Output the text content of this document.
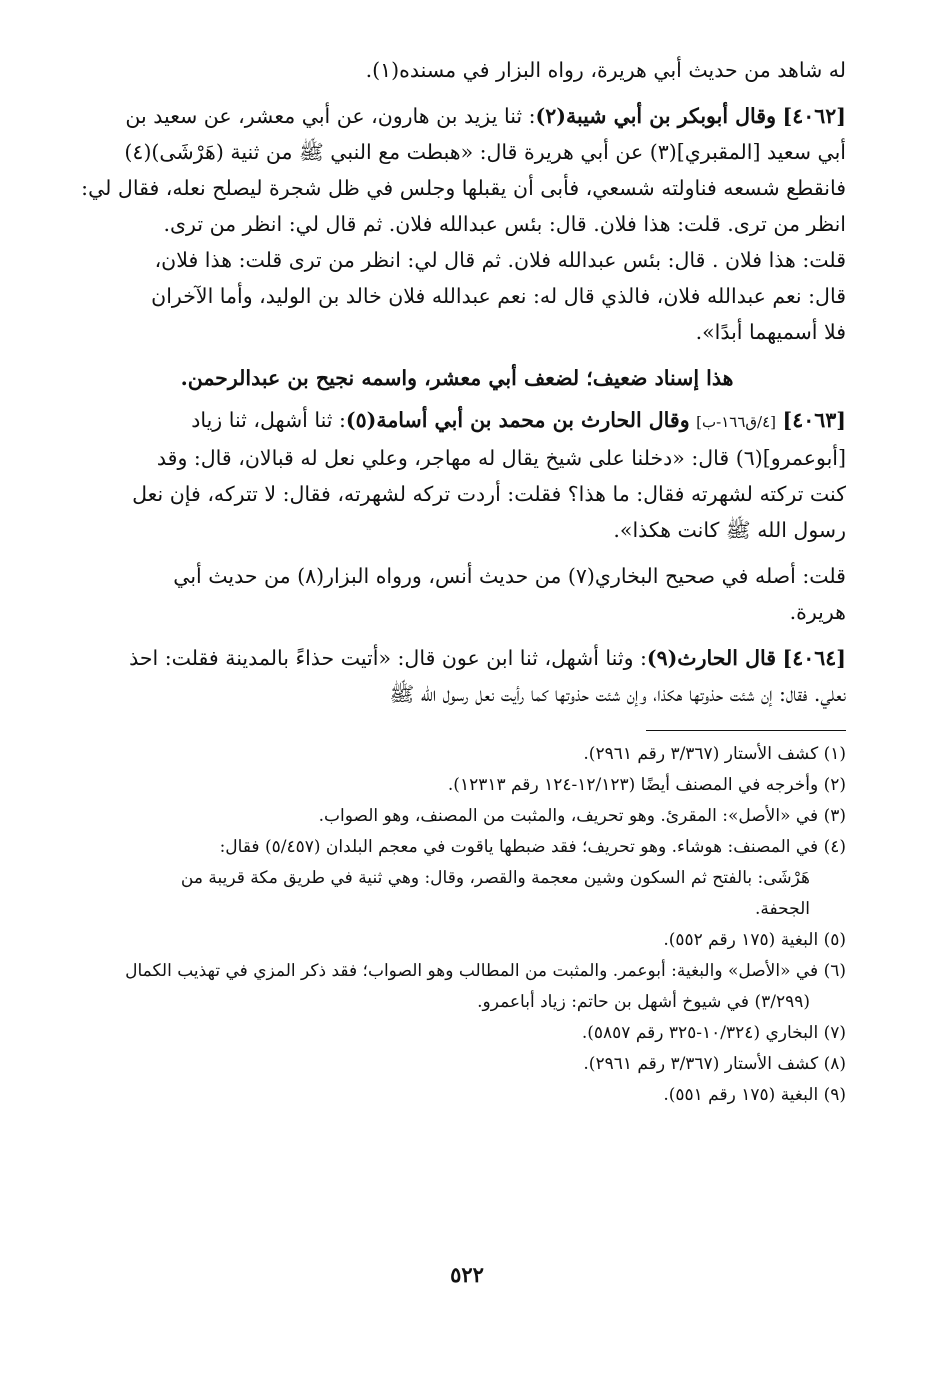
له شاهد من حديث أبي هريرة، رواه البزار في مسنده(١).

[٤٠٦٢] وقال أبوبكر بن أبي شيبة(٢): ثنا يزيد بن هارون، عن أبي معشر، عن سعيد بن
أبي سعيد [المقبري](٣) عن أبي هريرة قال: «هبطت مع النبي ﷺ من ثنية (هَرْشَى)(٤)
فانقطع شسعه فناولته شسعي، فأبى أن يقبلها وجلس في ظل شجرة ليصلح نعله، فقال لي:
انظر من ترى. قلت: هذا فلان. قال: بئس عبدالله فلان. ثم قال لي: انظر من ترى.
قلت: هذا فلان . قال: بئس عبدالله فلان. ثم قال لي: انظر من ترى قلت: هذا فلان،
قال: نعم عبدالله فلان، فالذي قال له: نعم عبدالله فلان خالد بن الوليد، وأما الآخران
فلا أسميهما أبدًا».

هذا إسناد ضعيف؛ لضعف أبي معشر، واسمه نجيح بن عبدالرحمن.

[٤٠٦٣] [٤/ق١٦٦-ب] وقال الحارث بن محمد بن أبي أسامة(٥): ثنا أشهل، ثنا زياد
[أبوعمرو](٦) قال: «دخلنا على شيخ يقال له مهاجر، وعلي نعل له قبالان، قال: وقد
كنت تركته لشهرته فقال: ما هذا؟ فقلت: أردت تركه لشهرته، فقال: لا تتركه، فإن نعل
رسول الله ﷺ كانت هكذا».

قلت: أصله في صحيح البخاري(٧) من حديث أنس، ورواه البزار(٨) من حديث أبي
هريرة.

[٤٠٦٤] قال الحارث(٩): وثنا أشهل، ثنا ابن عون قال: «أتيت حذاءً بالمدينة فقلت: احذ
نعلي. فقال: إن شئت حذوتها هكذا، وإن شئت حذوتها كما رأيت نعل رسول الله ﷺ

(١) كشف الأستار (٣/٣٦٧ رقم ٢٩٦١).

(٢) وأخرجه في المصنف أيضًا (١٢/١٢٣-١٢٤ رقم ١٢٣١٣).

(٣) في «الأصل»: المقرئ. وهو تحريف، والمثبت من المصنف، وهو الصواب.

(٤) في المصنف: هوشاء. وهو تحريف؛ فقد ضبطها ياقوت في معجم البلدان (٥/٤٥٧) فقال:
هَرْشَى: بالفتح ثم السكون وشين معجمة والقصر، وقال: وهي ثنية في طريق مكة قريبة من
الجحفة.

(٥) البغية (١٧٥ رقم ٥٥٢).

(٦) في «الأصل» والبغية: أبوعمر. والمثبت من المطالب وهو الصواب؛ فقد ذكر المزي في تهذيب الكمال
(٣/٢٩٩) في شيوخ أشهل بن حاتم: زياد أباعمرو.

(٧) البخاري (١٠/٣٢٤-٣٢٥ رقم ٥٨٥٧).

(٨) كشف الأستار (٣/٣٦٧ رقم ٢٩٦١).

(٩) البغية (١٧٥ رقم ٥٥١).

٥٢٢
